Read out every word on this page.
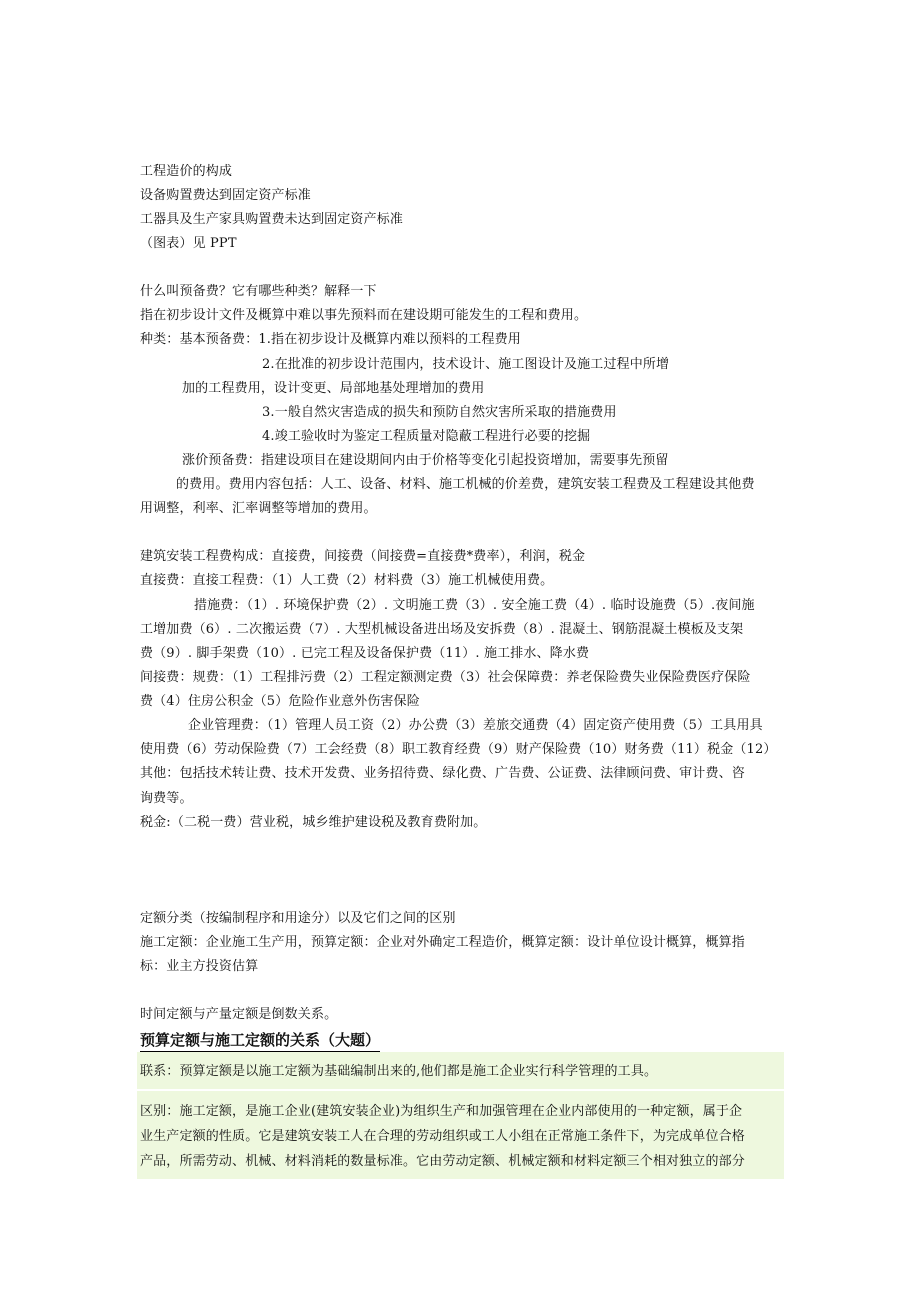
工程造价的构成
设备购置费达到固定资产标准
工器具及生产家具购置费未达到固定资产标准
（图表）见 PPT
什么叫预备费？它有哪些种类？解释一下
指在初步设计文件及概算中难以事先预料而在建设期可能发生的工程和费用。
种类：基本预备费：1.指在初步设计及概算内难以预料的工程费用
2.在批准的初步设计范围内，技术设计、施工图设计及施工过程中所增
加的工程费用，设计变更、局部地基处理增加的费用
3.一般自然灾害造成的损失和预防自然灾害所采取的措施费用
4.竣工验收时为鉴定工程质量对隐蔽工程进行必要的挖掘
涨价预备费：指建设项目在建设期间内由于价格等变化引起投资增加，需要事先预留
的费用。费用内容包括：人工、设备、材料、施工机械的价差费，建筑安装工程费及工程建设其他费
用调整，利率、汇率调整等增加的费用。
建筑安装工程费构成：直接费，间接费（间接费=直接费*费率），利润，税金
直接费：直接工程费：（1）人工费（2）材料费（3）施工机械使用费。
措施费：（1）. 环境保护费（2）. 文明施工费（3）. 安全施工费（4）. 临时设施费（5）.夜间施
工增加费（6）. 二次搬运费（7）. 大型机械设备进出场及安拆费（8）. 混凝土、钢筋混凝土模板及支架
费（9）. 脚手架费（10）. 已完工程及设备保护费（11）. 施工排水、降水费
间接费：规费：（1）工程排污费（2）工程定额测定费（3）社会保障费：养老保险费失业保险费医疗保险
费（4）住房公积金（5）危险作业意外伤害保险
企业管理费：（1）管理人员工资（2）办公费（3）差旅交通费（4）固定资产使用费（5）工具用具
使用费（6）劳动保险费（7）工会经费（8）职工教育经费（9）财产保险费（10）财务费（11）税金（12）
其他：包括技术转让费、技术开发费、业务招待费、绿化费、广告费、公证费、法律顾问费、审计费、咨
询费等。
税金:（二税一费）营业税，城乡维护建设税及教育费附加。
定额分类（按编制程序和用途分）以及它们之间的区别
施工定额：企业施工生产用，预算定额：企业对外确定工程造价，概算定额：设计单位设计概算，概算指
标：业主方投资估算
时间定额与产量定额是倒数关系。
预算定额与施工定额的关系（大题）
联系：预算定额是以施工定额为基础编制出来的,他们都是施工企业实行科学管理的工具。
区别：施工定额，是施工企业(建筑安装企业)为组织生产和加强管理在企业内部使用的一种定额，属于企
业生产定额的性质。它是建筑安装工人在合理的劳动组织或工人小组在正常施工条件下，为完成单位合格
产品，所需劳动、机械、材料消耗的数量标准。它由劳动定额、机械定额和材料定额三个相对独立的部分
